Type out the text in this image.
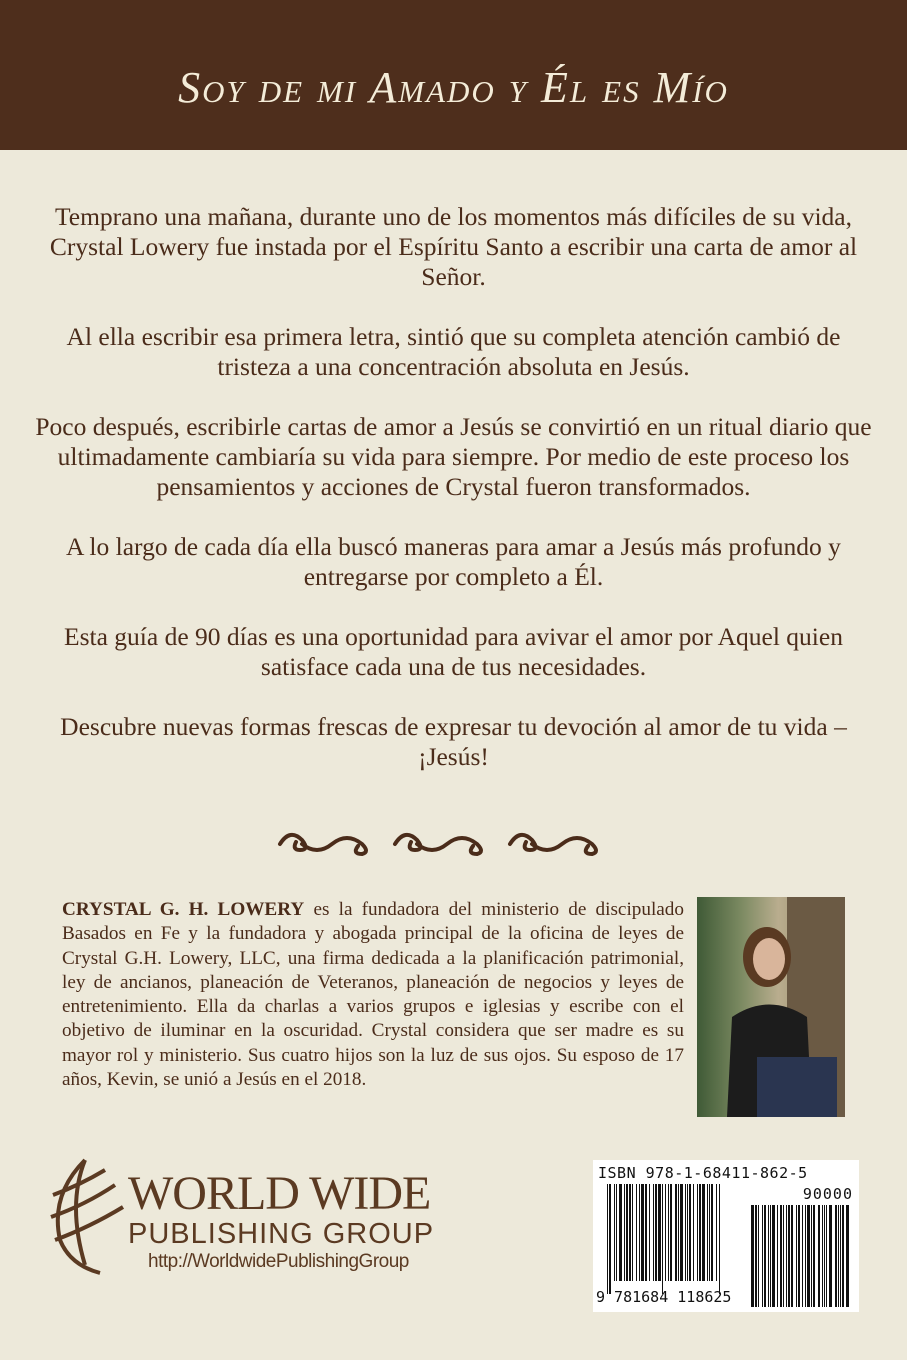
Soy de mi Amado y Él es Mío

Temprano una mañana, durante uno de los momentos más difíciles de su vida, Crystal Lowery fue instada por el Espíritu Santo a escribir una carta de amor al Señor.

Al ella escribir esa primera letra, sintió que su completa atención cambió de tristeza a una concentración absoluta en Jesús.

Poco después, escribirle cartas de amor a Jesús se convirtió en un ritual diario que ultimadamente cambiaría su vida para siempre. Por medio de este proceso los pensamientos y acciones de Crystal fueron transformados.

A lo largo de cada día ella buscó maneras para amar a Jesús más profundo y entregarse por completo a Él.

Esta guía de 90 días es una oportunidad para avivar el amor por Aquel quien satisface cada una de tus necesidades.

Descubre nuevas formas frescas de expresar tu devoción al amor de tu vida – ¡Jesús!

CRYSTAL G. H. LOWERY es la fundadora del ministerio de discipulado Basados en Fe y la fundadora y abogada principal de la oficina de leyes de Crystal G.H. Lowery, LLC, una firma dedicada a la planificación patrimonial, ley de ancianos, planeación de Veteranos, planeación de negocios y leyes de entretenimiento. Ella da charlas a varios grupos e iglesias y escribe con el objetivo de iluminar en la oscuridad. Crystal considera que ser madre es su mayor rol y ministerio. Sus cuatro hijos son la luz de sus ojos. Su esposo de 17 años, Kevin, se unió a Jesús en el 2018.
WORLD WIDE
PUBLISHING GROUP
http://WorldwidePublishingGroup
ISBN 978-1-68411-862-5
90000
9 781684 118625
